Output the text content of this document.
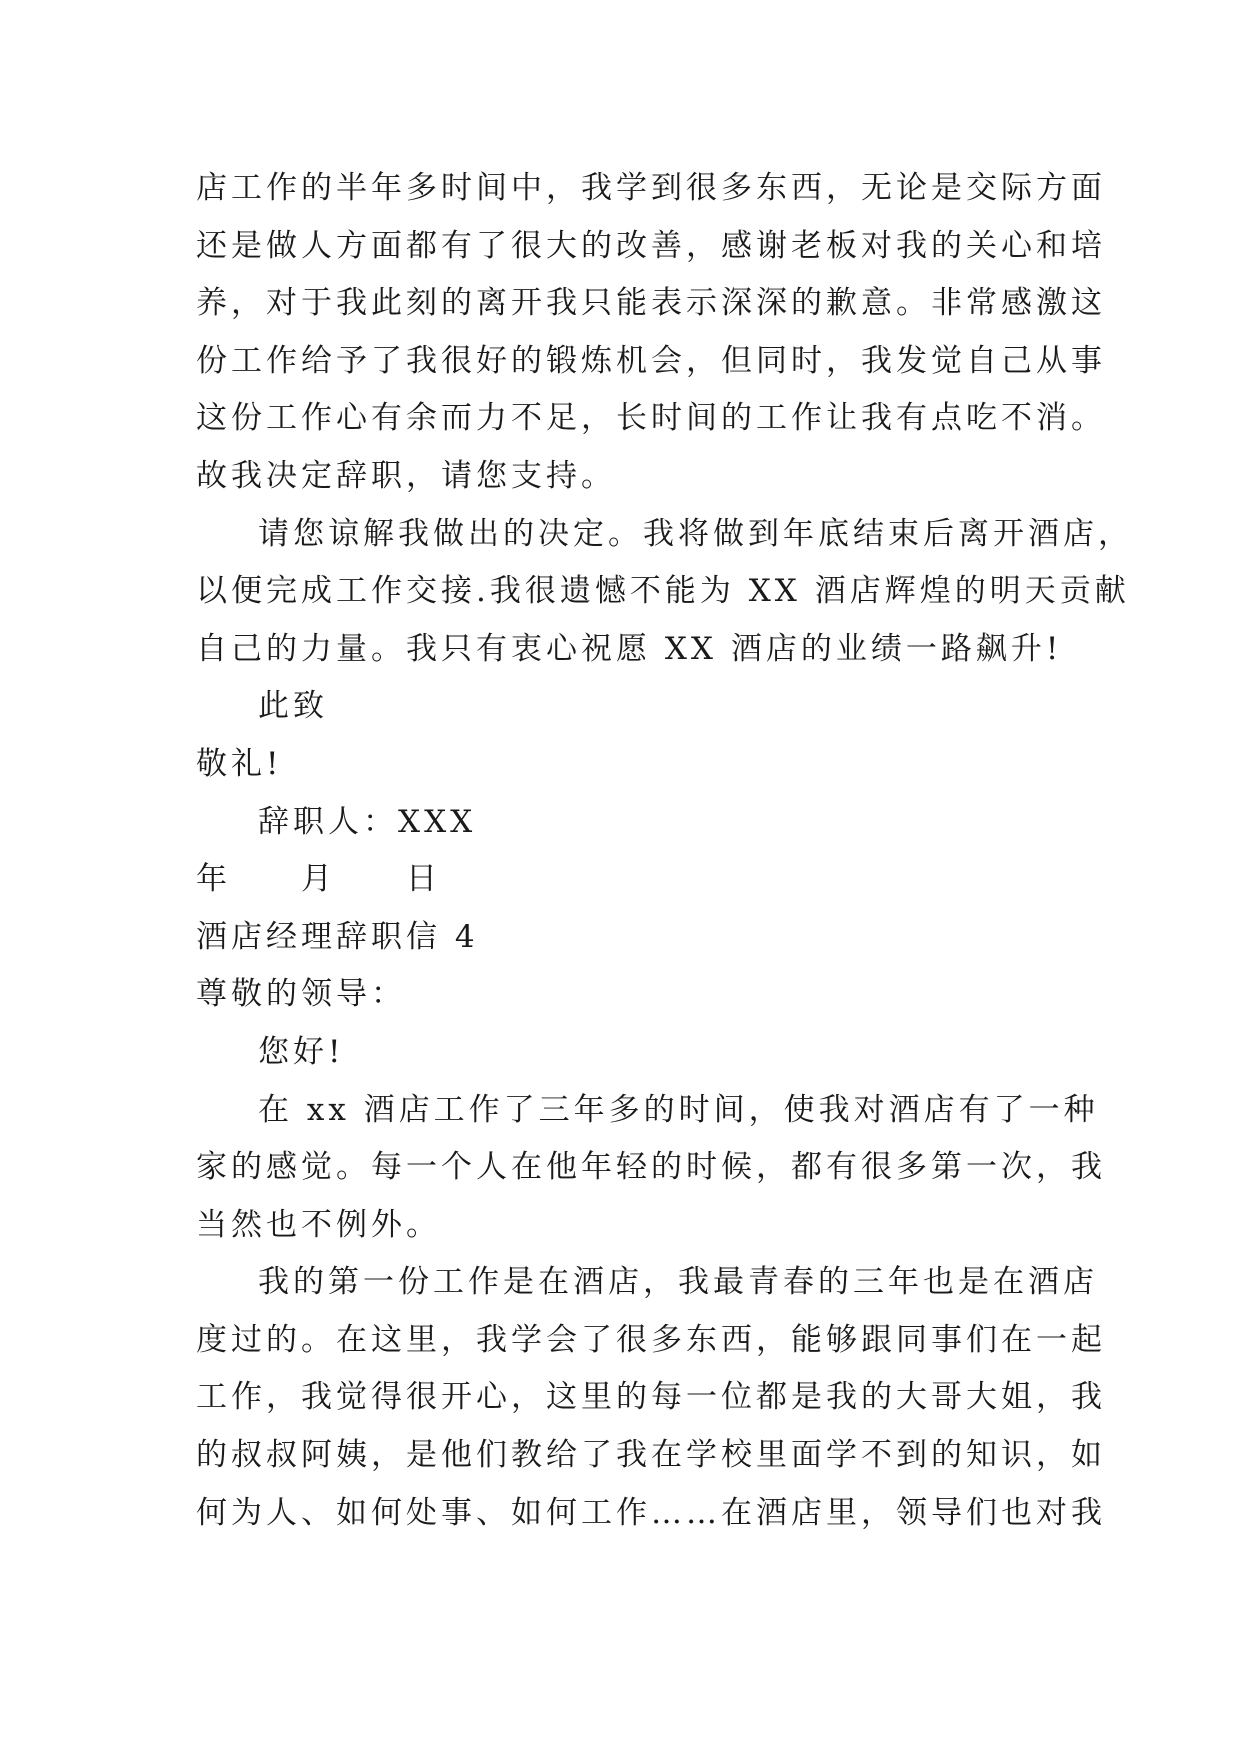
店工作的半年多时间中，我学到很多东西，无论是交际方面
还是做人方面都有了很大的改善，感谢老板对我的关心和培
养，对于我此刻的离开我只能表示深深的歉意。非常感激这
份工作给予了我很好的锻炼机会，但同时，我发觉自己从事
这份工作心有余而力不足，长时间的工作让我有点吃不消。
故我决定辞职，请您支持。
请您谅解我做出的决定。我将做到年底结束后离开酒店，
以便完成工作交接.我很遗憾不能为 XX 酒店辉煌的明天贡献
自己的力量。我只有衷心祝愿 XX 酒店的业绩一路飙升!
此致
敬礼!
辞职人：XXX
年　　月　　日
酒店经理辞职信 4
尊敬的领导：
您好!
在 xx 酒店工作了三年多的时间，使我对酒店有了一种
家的感觉。每一个人在他年轻的时候，都有很多第一次，我
当然也不例外。
我的第一份工作是在酒店，我最青春的三年也是在酒店
度过的。在这里，我学会了很多东西，能够跟同事们在一起
工作，我觉得很开心，这里的每一位都是我的大哥大姐，我
的叔叔阿姨，是他们教给了我在学校里面学不到的知识，如
何为人、如何处事、如何工作……在酒店里，领导们也对我
